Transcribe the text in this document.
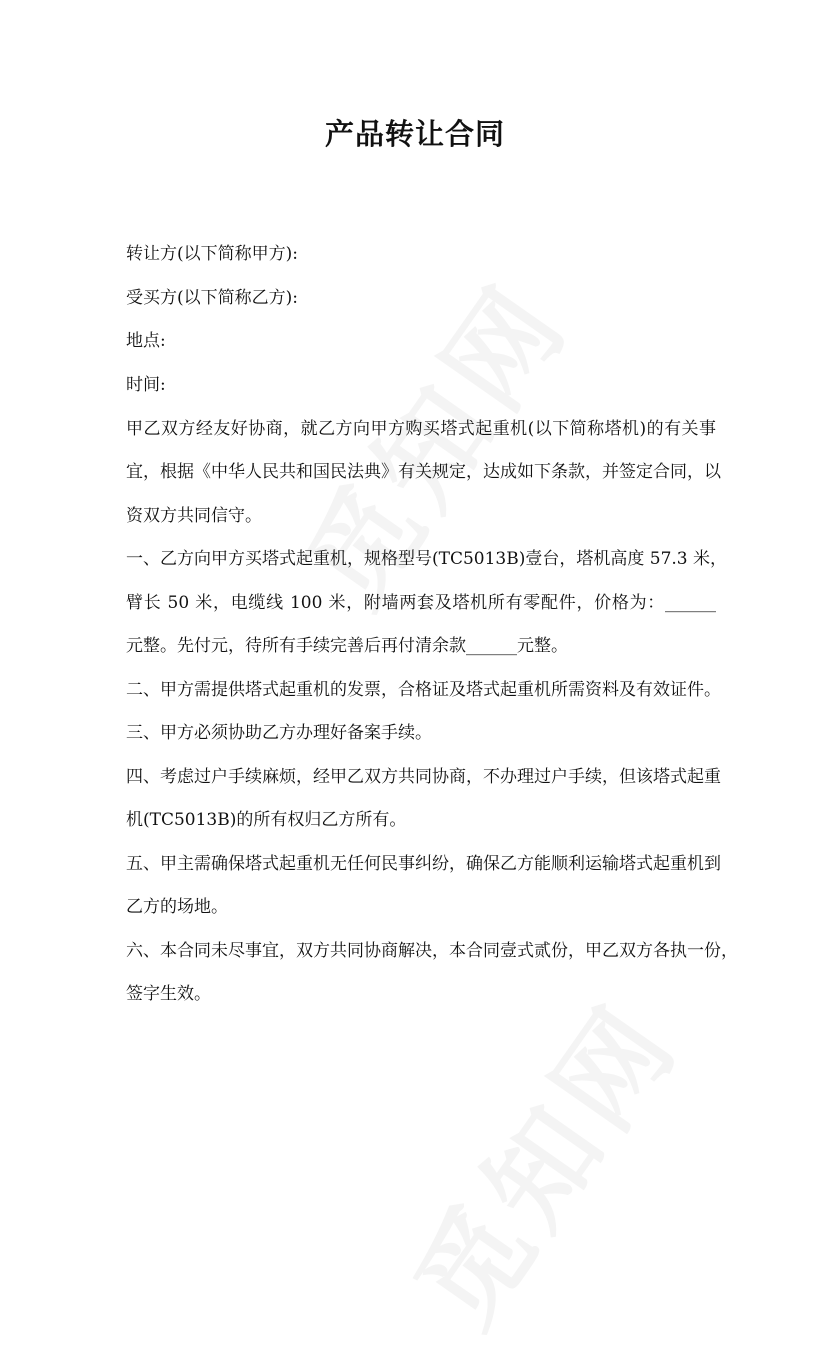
产品转让合同
转让方(以下简称甲方):
受买方(以下简称乙方):
地点:
时间:
甲乙双方经友好协商，就乙方向甲方购买塔式起重机(以下简称塔机)的有关事
宜，根据《中华人民共和国民法典》有关规定，达成如下条款，并签定合同，以
资双方共同信守。
一、乙方向甲方买塔式起重机，规格型号(TC5013B)壹台，塔机高度 57.3 米，
臂长 50 米，电缆线 100 米，附墙两套及塔机所有零配件，价格为：______
元整。先付元，待所有手续完善后再付清余款______元整。
二、甲方需提供塔式起重机的发票，合格证及塔式起重机所需资料及有效证件。
三、甲方必须协助乙方办理好备案手续。
四、考虑过户手续麻烦，经甲乙双方共同协商，不办理过户手续，但该塔式起重
机(TC5013B)的所有权归乙方所有。
五、甲主需确保塔式起重机无任何民事纠纷，确保乙方能顺利运输塔式起重机到
乙方的场地。
六、本合同未尽事宜，双方共同协商解决，本合同壹式贰份，甲乙双方各执一份，
签字生效。
